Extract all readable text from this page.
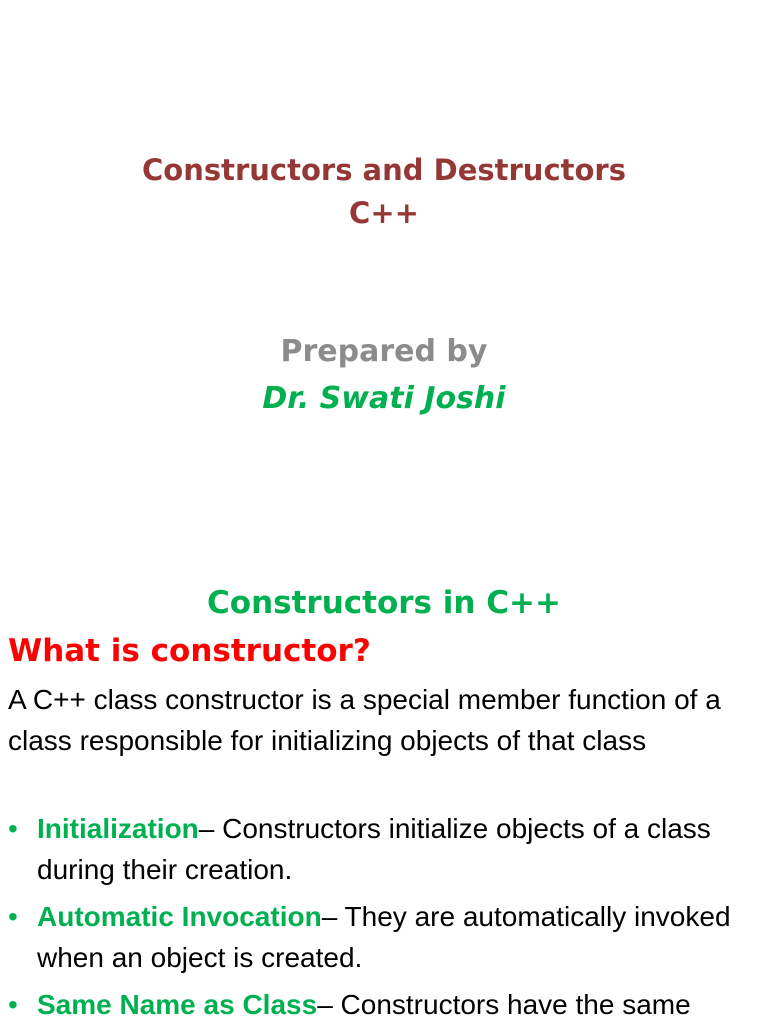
Constructors and Destructors
C++
Prepared by
Dr. Swati Joshi
Constructors in C++
What is constructor?
A C++ class constructor is a special member function of a class responsible for initializing objects of that class
• Initialization– Constructors initialize objects of a class during their creation.
• Automatic Invocation– They are automatically invoked when an object is created.
• Same Name as Class– Constructors have the same
